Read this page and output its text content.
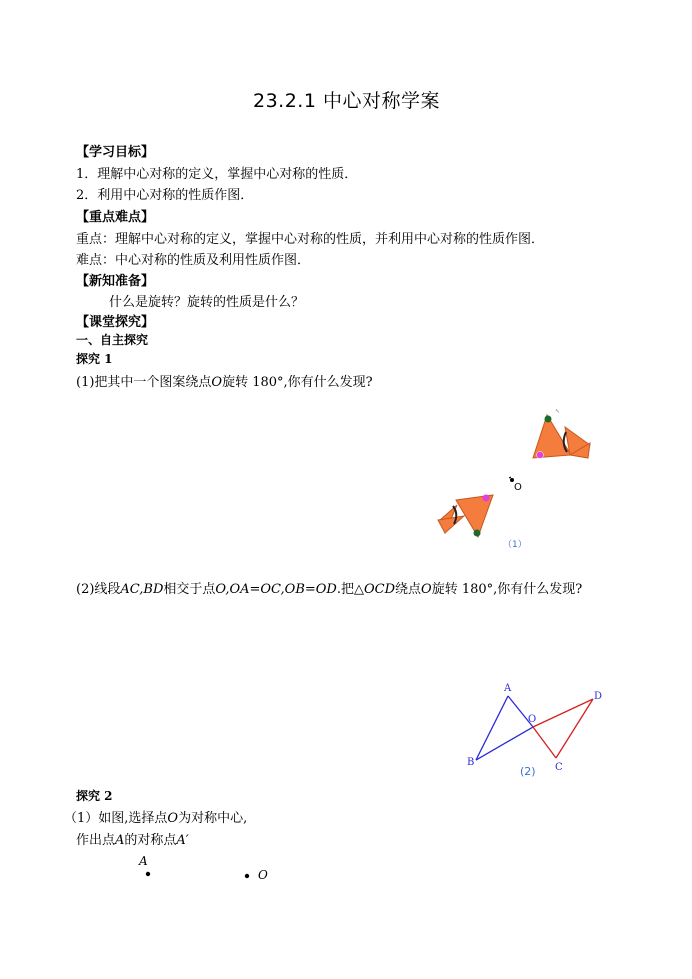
23.2.1 中心对称学案
【学习目标】
1．理解中心对称的定义，掌握中心对称的性质．
2．利用中心对称的性质作图．
【重点难点】
重点：理解中心对称的定义，掌握中心对称的性质，并利用中心对称的性质作图．
难点：中心对称的性质及利用性质作图．
【新知准备】
什么是旋转？旋转的性质是什么？
【课堂探究】
一、自主探究
探究 1
(1)把其中一个图案绕点O旋转 180°,你有什么发现?
↖
O
（1）
(2)线段AC,BD相交于点O,OA=OC,OB=OD.把△OCD绕点O旋转 180°,你有什么发现?
A
B
O
C
D
(2)
探究 2
（1）如图,选择点O为对称中心,
作出点A的对称点A′
A
O
